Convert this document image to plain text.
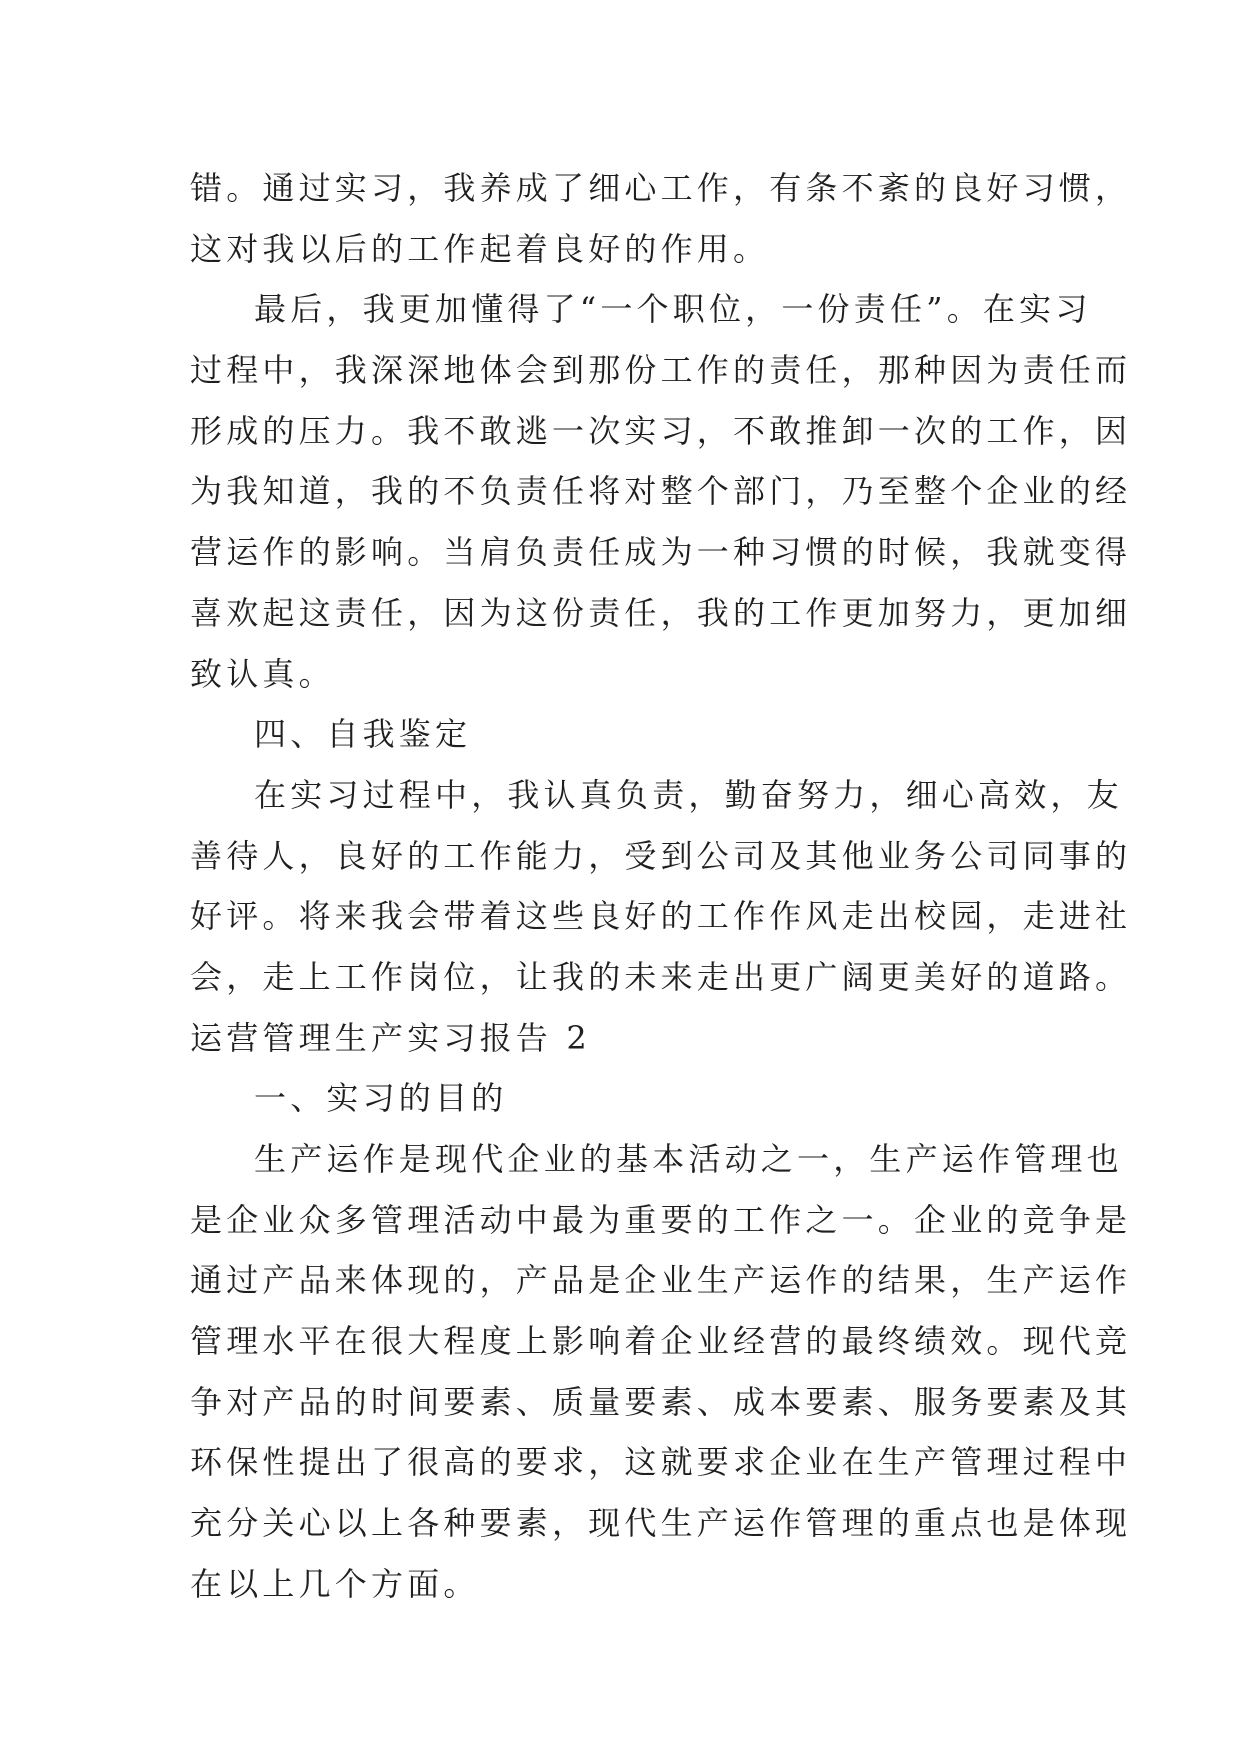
错。通过实习，我养成了细心工作，有条不紊的良好习惯，
这对我以后的工作起着良好的作用。
最后，我更加懂得了“一个职位，一份责任”。在实习
过程中，我深深地体会到那份工作的责任，那种因为责任而
形成的压力。我不敢逃一次实习，不敢推卸一次的工作，因
为我知道，我的不负责任将对整个部门，乃至整个企业的经
营运作的影响。当肩负责任成为一种习惯的时候，我就变得
喜欢起这责任，因为这份责任，我的工作更加努力，更加细
致认真。
四、自我鉴定
在实习过程中，我认真负责，勤奋努力，细心高效，友
善待人，良好的工作能力，受到公司及其他业务公司同事的
好评。将来我会带着这些良好的工作作风走出校园，走进社
会，走上工作岗位，让我的未来走出更广阔更美好的道路。
运营管理生产实习报告 2
一、实习的目的
生产运作是现代企业的基本活动之一，生产运作管理也
是企业众多管理活动中最为重要的工作之一。企业的竞争是
通过产品来体现的，产品是企业生产运作的结果，生产运作
管理水平在很大程度上影响着企业经营的最终绩效。现代竞
争对产品的时间要素、质量要素、成本要素、服务要素及其
环保性提出了很高的要求，这就要求企业在生产管理过程中
充分关心以上各种要素，现代生产运作管理的重点也是体现
在以上几个方面。
